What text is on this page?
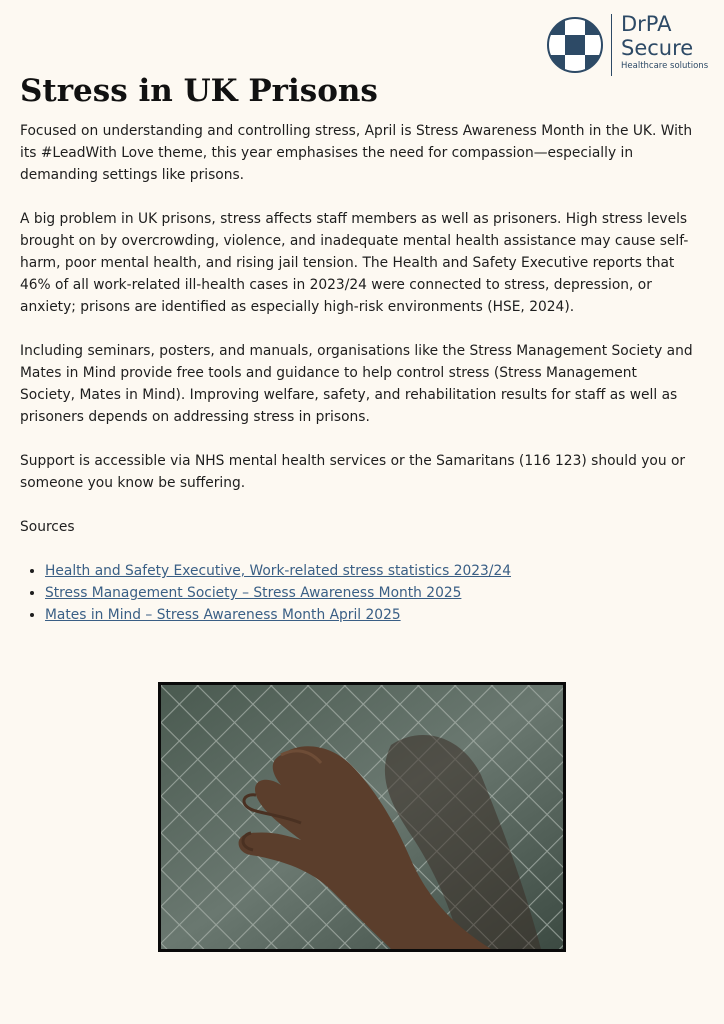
DrPA
Secure
Healthcare solutions
Stress in UK Prisons

Focused on understanding and controlling stress, April is Stress Awareness Month in the UK. With its #LeadWith Love theme, this year emphasises the need for compassion—especially in demanding settings like prisons.

A big problem in UK prisons, stress affects staff members as well as prisoners. High stress levels brought on by overcrowding, violence, and inadequate mental health assistance may cause self-harm, poor mental health, and rising jail tension. The Health and Safety Executive reports that 46% of all work-related ill-health cases in 2023/24 were connected to stress, depression, or anxiety; prisons are identified as especially high-risk environments (HSE, 2024).

Including seminars, posters, and manuals, organisations like the Stress Management Society and Mates in Mind provide free tools and guidance to help control stress (Stress Management Society, Mates in Mind). Improving welfare, safety, and rehabilitation results for staff as well as prisoners depends on addressing stress in prisons.

Support is accessible via NHS mental health services or the Samaritans (116 123) should you or someone you know be suffering.

Sources

• Health and Safety Executive, Work-related stress statistics 2023/24
• Stress Management Society – Stress Awareness Month 2025
• Mates in Mind – Stress Awareness Month April 2025
